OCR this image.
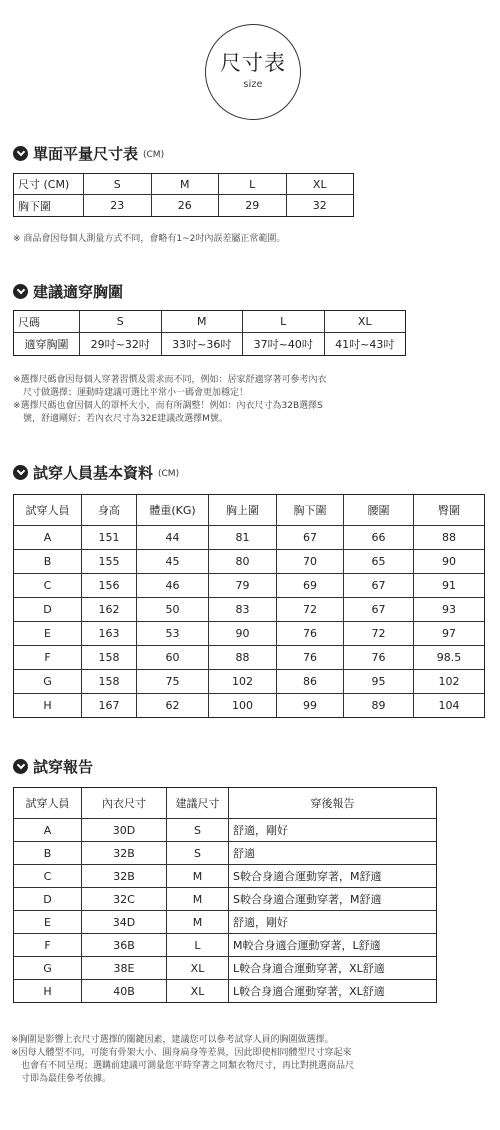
尺寸表
size
單面平量尺寸表 (CM)
尺寸 (CM)	S	M	L	XL
胸下圍	23	26	29	32
※ 商品會因每個人測量方式不同，會略有1~2吋內誤差屬正常範圍。
建議適穿胸圍
尺碼	S	M	L	XL
適穿胸圍	29吋~32吋	33吋~36吋	37吋~40吋	41吋~43吋
※選擇尺碼會因每個人穿著習慣及需求而不同，例如：居家舒適穿著可參考內衣
尺寸做選擇；運動時建議可選比平常小一碼會更加穩定！
※選擇尺碼也會因個人的罩杯大小，而有所調整！例如：內衣尺寸為32B選擇S
號，舒適剛好；若內衣尺寸為32E建議改選擇M號。
試穿人員基本資料 (CM)
試穿人員	身高	體重(KG)	胸上圍	胸下圍	腰圍	臀圍
A	151	44	81	67	66	88
B	155	45	80	70	65	90
C	156	46	79	69	67	91
D	162	50	83	72	67	93
E	163	53	90	76	72	97
F	158	60	88	76	76	98.5
G	158	75	102	86	95	102
H	167	62	100	99	89	104
試穿報告
試穿人員	內衣尺寸	建議尺寸	穿後報告
A	30D	S	舒適，剛好
B	32B	S	舒適
C	32B	M	S較合身適合運動穿著，M舒適
D	32C	M	S較合身適合運動穿著，M舒適
E	34D	M	舒適，剛好
F	36B	L	M較合身適合運動穿著，L舒適
G	38E	XL	L較合身適合運動穿著，XL舒適
H	40B	XL	L較合身適合運動穿著，XL舒適
※胸圍是影響上衣尺寸選擇的關鍵因素，建議您可以參考試穿人員的胸圍做選擇。
※因每人體型不同，可能有骨架大小、圓身扁身等差異，因此即使相同體型尺寸穿起來
也會有不同呈現；選購前建議可測量您平時穿著之同類衣物尺寸，再比對挑選商品尺
寸即為最佳參考依據。
